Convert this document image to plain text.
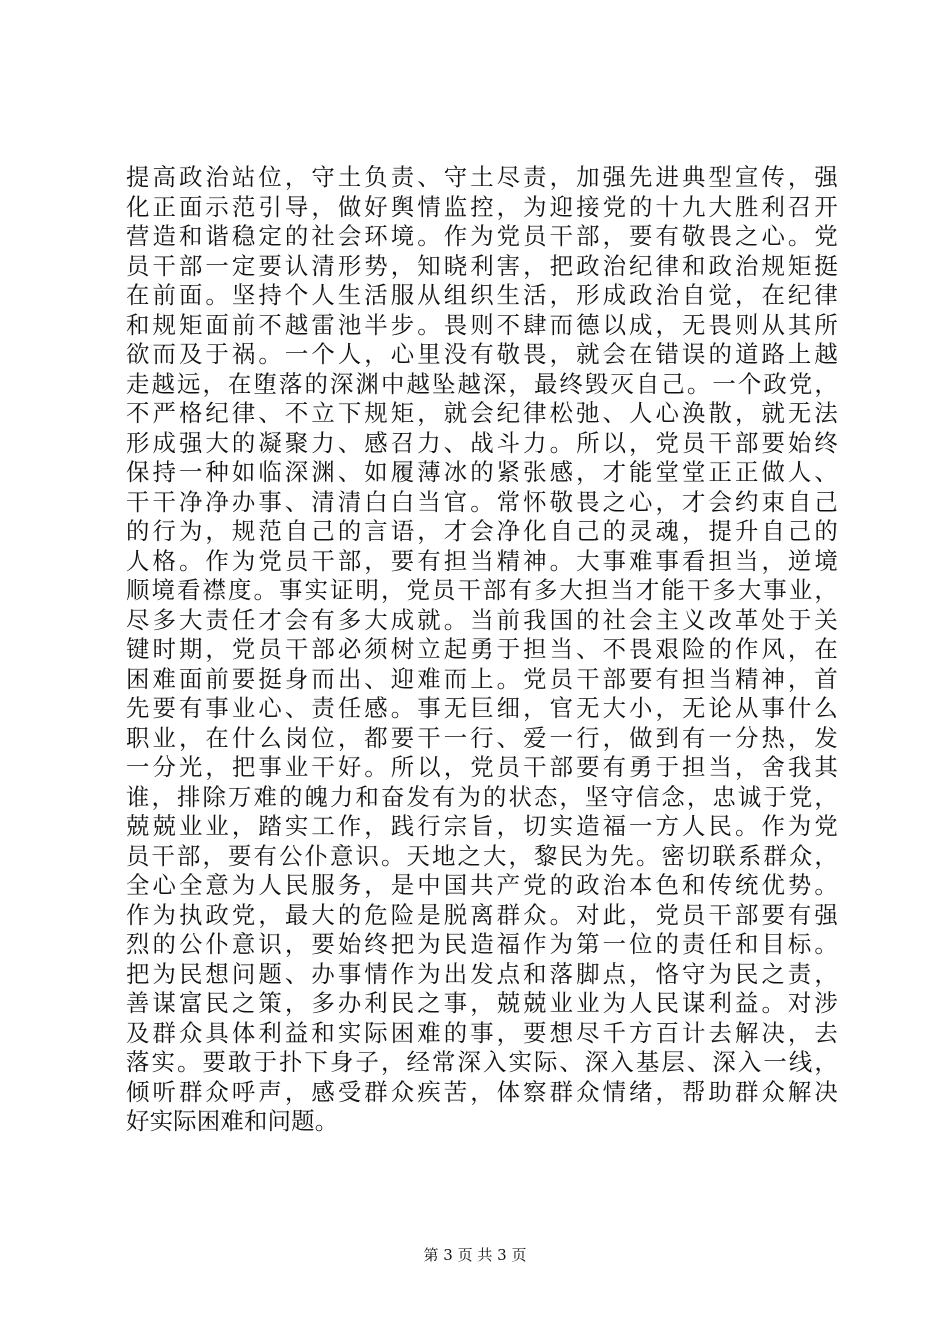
提高政治站位，守土负责、守土尽责，加强先进典型宣传，强
化正面示范引导，做好舆情监控，为迎接党的十九大胜利召开
营造和谐稳定的社会环境。作为党员干部，要有敬畏之心。党
员干部一定要认清形势，知晓利害，把政治纪律和政治规矩挺
在前面。坚持个人生活服从组织生活，形成政治自觉，在纪律
和规矩面前不越雷池半步。畏则不肆而德以成，无畏则从其所
欲而及于祸。一个人，心里没有敬畏，就会在错误的道路上越
走越远，在堕落的深渊中越坠越深，最终毁灭自己。一个政党，
不严格纪律、不立下规矩，就会纪律松弛、人心涣散，就无法
形成强大的凝聚力、感召力、战斗力。所以，党员干部要始终
保持一种如临深渊、如履薄冰的紧张感，才能堂堂正正做人、
干干净净办事、清清白白当官。常怀敬畏之心，才会约束自己
的行为，规范自己的言语，才会净化自己的灵魂，提升自己的
人格。作为党员干部，要有担当精神。大事难事看担当，逆境
顺境看襟度。事实证明，党员干部有多大担当才能干多大事业，
尽多大责任才会有多大成就。当前我国的社会主义改革处于关
键时期，党员干部必须树立起勇于担当、不畏艰险的作风，在
困难面前要挺身而出、迎难而上。党员干部要有担当精神，首
先要有事业心、责任感。事无巨细，官无大小，无论从事什么
职业，在什么岗位，都要干一行、爱一行，做到有一分热，发
一分光，把事业干好。所以，党员干部要有勇于担当，舍我其
谁，排除万难的魄力和奋发有为的状态，坚守信念，忠诚于党，
兢兢业业，踏实工作，践行宗旨，切实造福一方人民。作为党
员干部，要有公仆意识。天地之大，黎民为先。密切联系群众，
全心全意为人民服务，是中国共产党的政治本色和传统优势。
作为执政党，最大的危险是脱离群众。对此，党员干部要有强
烈的公仆意识，要始终把为民造福作为第一位的责任和目标。
把为民想问题、办事情作为出发点和落脚点，恪守为民之责，
善谋富民之策，多办利民之事，兢兢业业为人民谋利益。对涉
及群众具体利益和实际困难的事，要想尽千方百计去解决，去
落实。要敢于扑下身子，经常深入实际、深入基层、深入一线，
倾听群众呼声，感受群众疾苦，体察群众情绪，帮助群众解决
好实际困难和问题。
第 3 页 共 3 页
